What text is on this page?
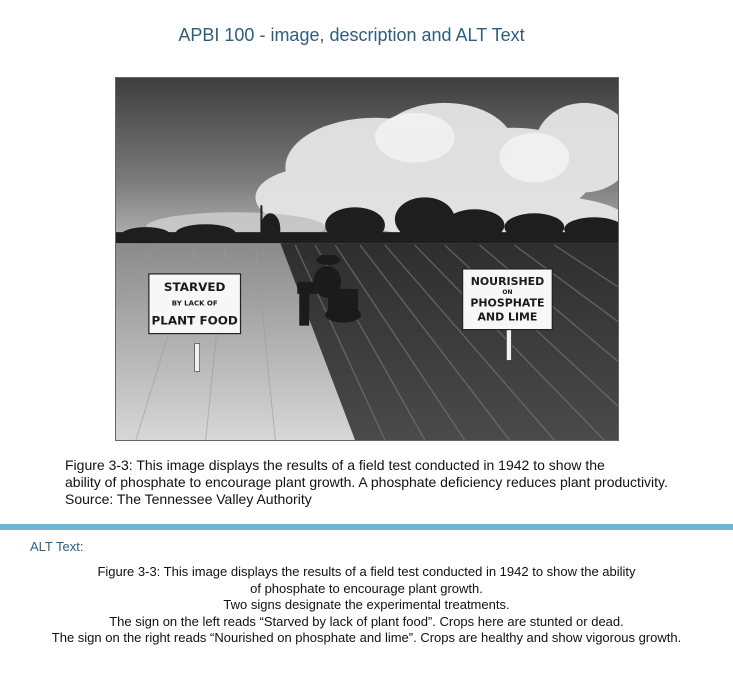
APBI 100 - image, description and ALT Text
STARVED
BY LACK OF
PLANT FOOD
NOURISHED
ON
PHOSPHATE
AND LIME
Figure 3-3: This image displays the results of a field test conducted in 1942 to show the
ability of phosphate to encourage plant growth. A phosphate deficiency reduces plant productivity.
Source: The Tennessee Valley Authority
ALT Text:
Figure 3-3: This image displays the results of a field test conducted in 1942 to show the ability
of phosphate to encourage plant growth.
Two signs designate the experimental treatments.
The sign on the left reads “Starved by lack of plant food”. Crops here are stunted or dead.
The sign on the right reads “Nourished on phosphate and lime”. Crops are healthy and show vigorous growth.
